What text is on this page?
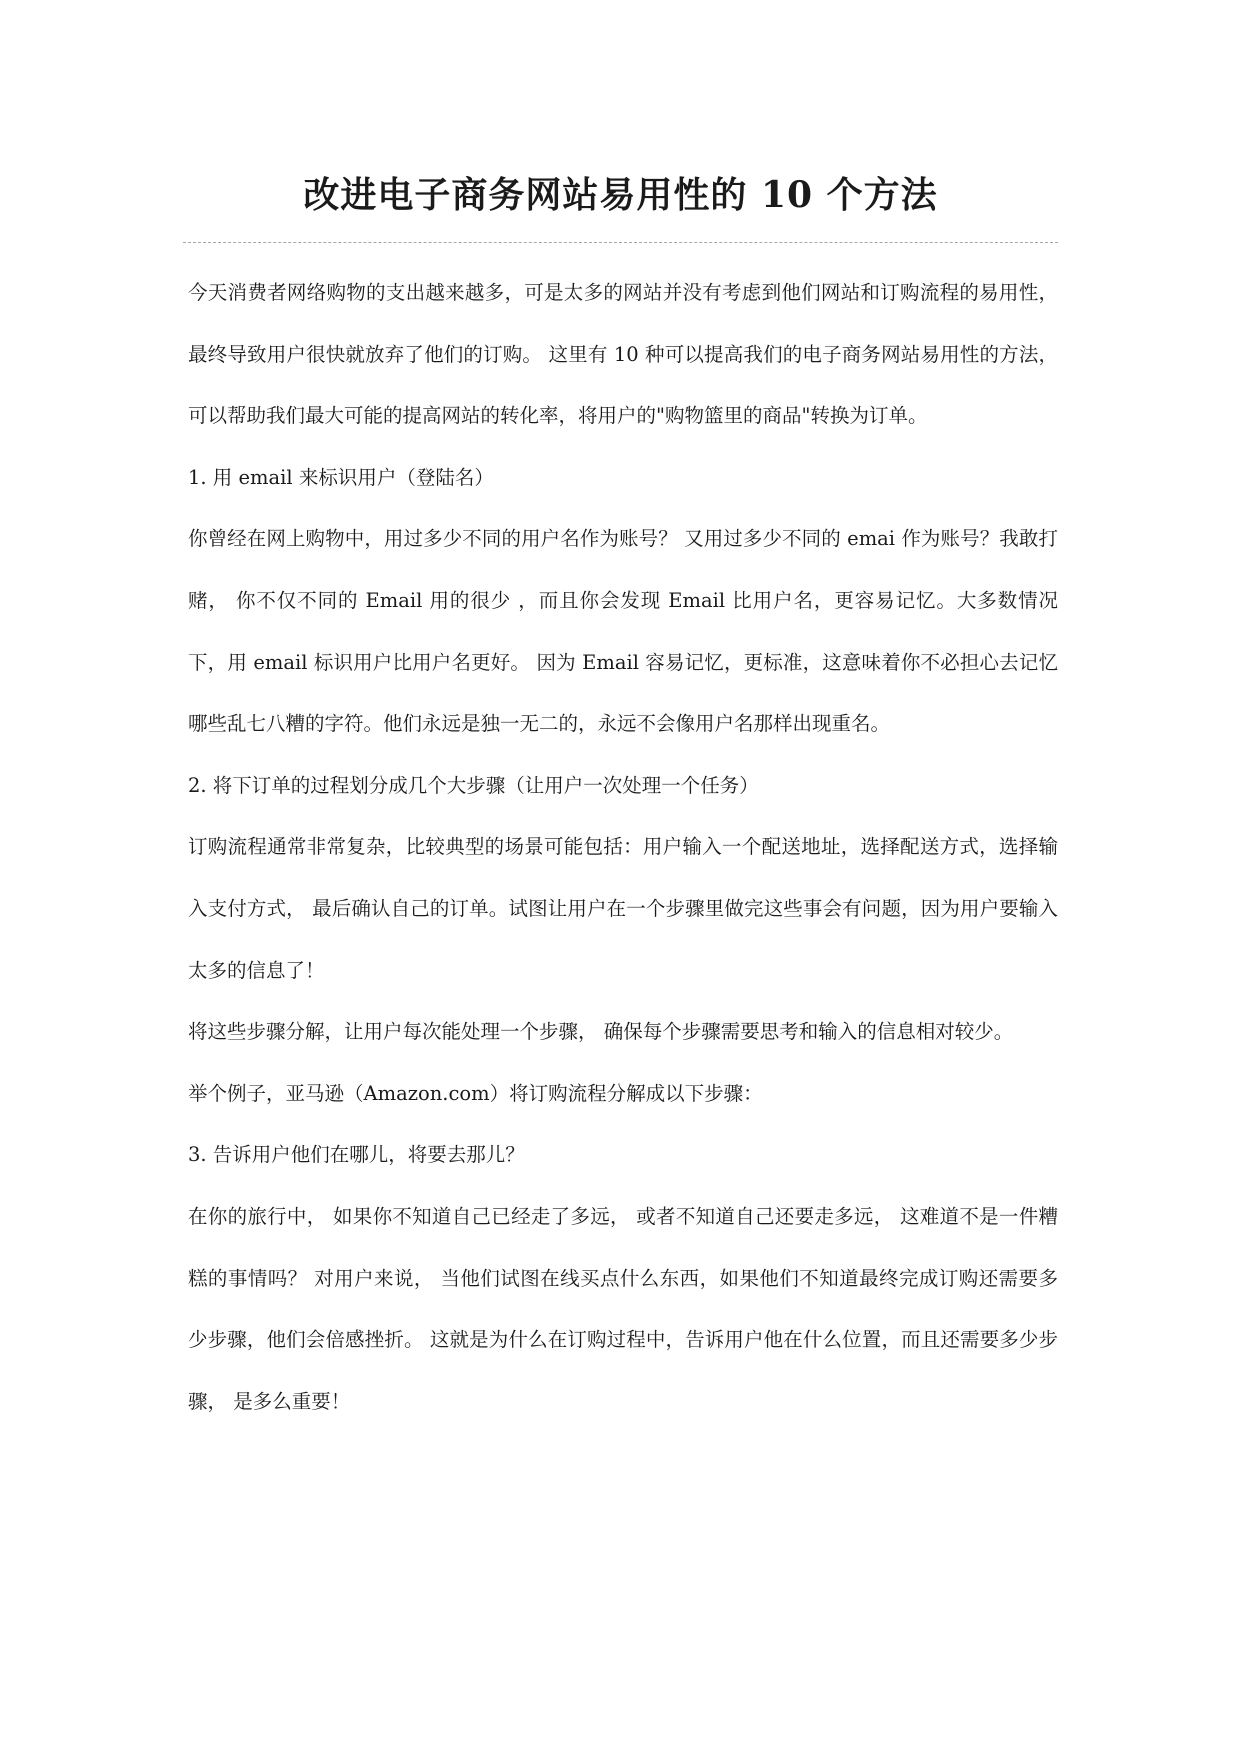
改进电子商务网站易用性的 10 个方法

今天消费者网络购物的支出越来越多，可是太多的网站并没有考虑到他们网站和订购流程的易用性，最终导致用户很快就放弃了他们的订购。 这里有 10 种可以提高我们的电子商务网站易用性的方法，可以帮助我们最大可能的提高网站的转化率，将用户的"购物篮里的商品"转换为订单。

1. 用 email 来标识用户（登陆名）

你曾经在网上购物中，用过多少不同的用户名作为账号？ 又用过多少不同的 emai 作为账号？我敢打赌， 你不仅不同的 Email 用的很少 ，而且你会发现 Email 比用户名，更容易记忆。大多数情况下，用 email 标识用户比用户名更好。 因为 Email 容易记忆，更标准，这意味着你不必担心去记忆哪些乱七八糟的字符。他们永远是独一无二的，永远不会像用户名那样出现重名。

2. 将下订单的过程划分成几个大步骤（让用户一次处理一个任务）

订购流程通常非常复杂，比较典型的场景可能包括：用户输入一个配送地址，选择配送方式，选择输入支付方式， 最后确认自己的订单。试图让用户在一个步骤里做完这些事会有问题，因为用户要输入太多的信息了！

将这些步骤分解，让用户每次能处理一个步骤， 确保每个步骤需要思考和输入的信息相对较少。

举个例子，亚马逊（Amazon.com）将订购流程分解成以下步骤：

3. 告诉用户他们在哪儿，将要去那儿？

在你的旅行中， 如果你不知道自己已经走了多远， 或者不知道自己还要走多远， 这难道不是一件糟糕的事情吗？ 对用户来说， 当他们试图在线买点什么东西，如果他们不知道最终完成订购还需要多少步骤，他们会倍感挫折。 这就是为什么在订购过程中，告诉用户他在什么位置，而且还需要多少步骤， 是多么重要！
